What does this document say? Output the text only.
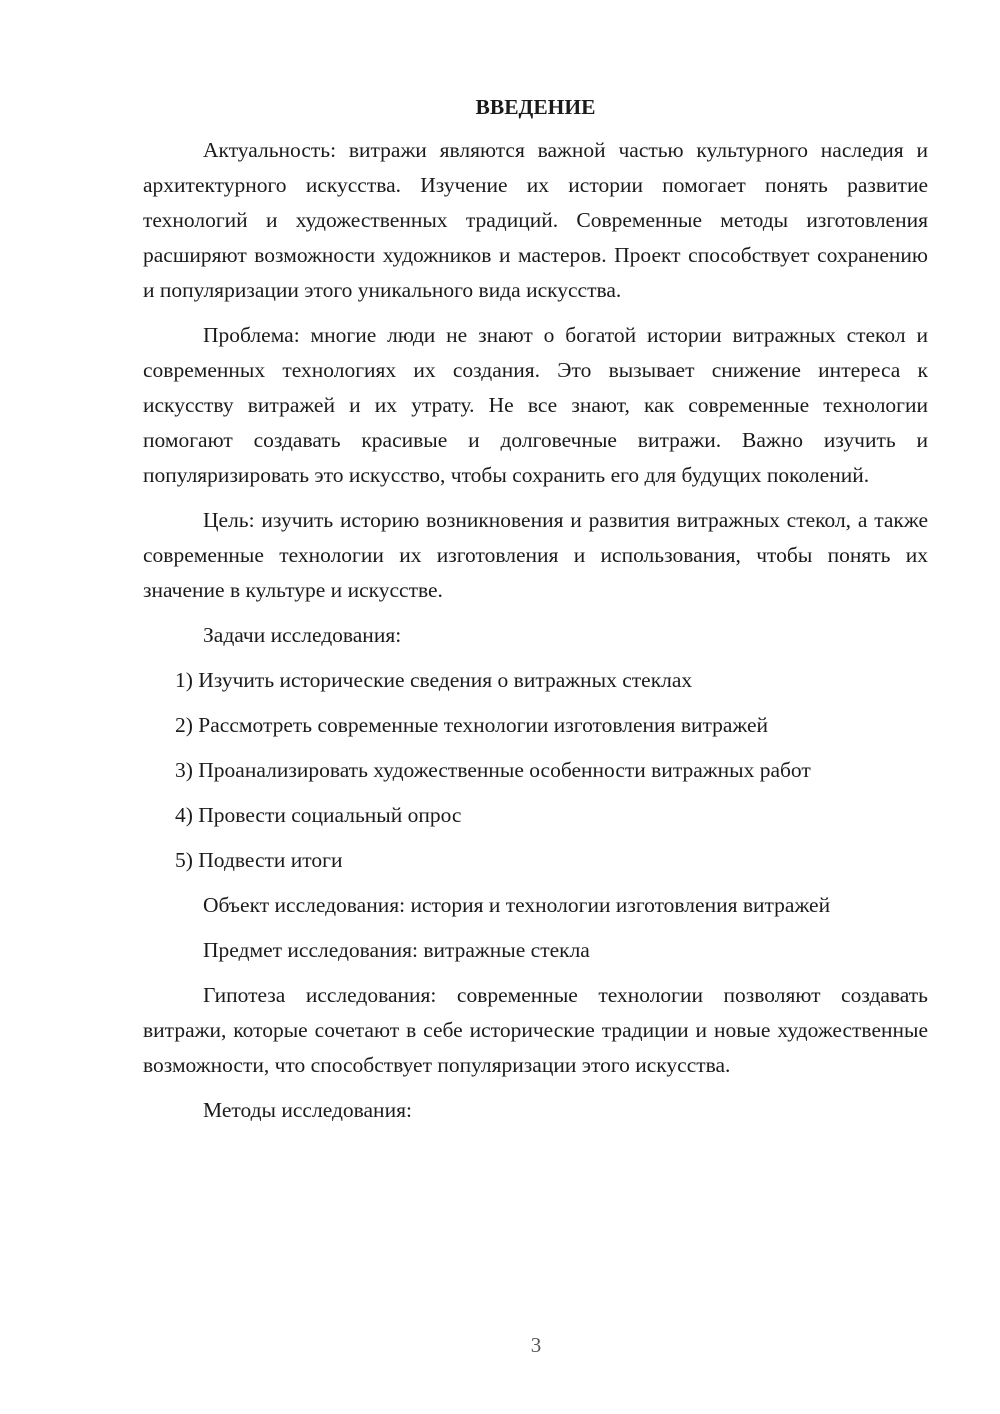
ВВЕДЕНИЕ

Актуальность: витражи являются важной частью культурного наследия и архитектурного искусства. Изучение их истории помогает понять развитие технологий и художественных традиций. Современные методы изготовления расширяют возможности художников и мастеров. Проект способствует сохранению и популяризации этого уникального вида искусства.

Проблема: многие люди не знают о богатой истории витражных стекол и современных технологиях их создания. Это вызывает снижение интереса к искусству витражей и их утрату. Не все знают, как современные технологии помогают создавать красивые и долговечные витражи. Важно изучить и популяризировать это искусство, чтобы сохранить его для будущих поколений.

Цель: изучить историю возникновения и развития витражных стекол, а также современные технологии их изготовления и использования, чтобы понять их значение в культуре и искусстве.

Задачи исследования:

1) Изучить исторические сведения о витражных стеклах
2) Рассмотреть современные технологии изготовления витражей
3) Проанализировать художественные особенности витражных работ
4) Провести социальный опрос
5) Подвести итоги

Объект исследования: история и технологии изготовления витражей

Предмет исследования: витражные стекла

Гипотеза исследования: современные технологии позволяют создавать витражи, которые сочетают в себе исторические традиции и новые художественные возможности, что способствует популяризации этого искусства.

Методы исследования:

3
